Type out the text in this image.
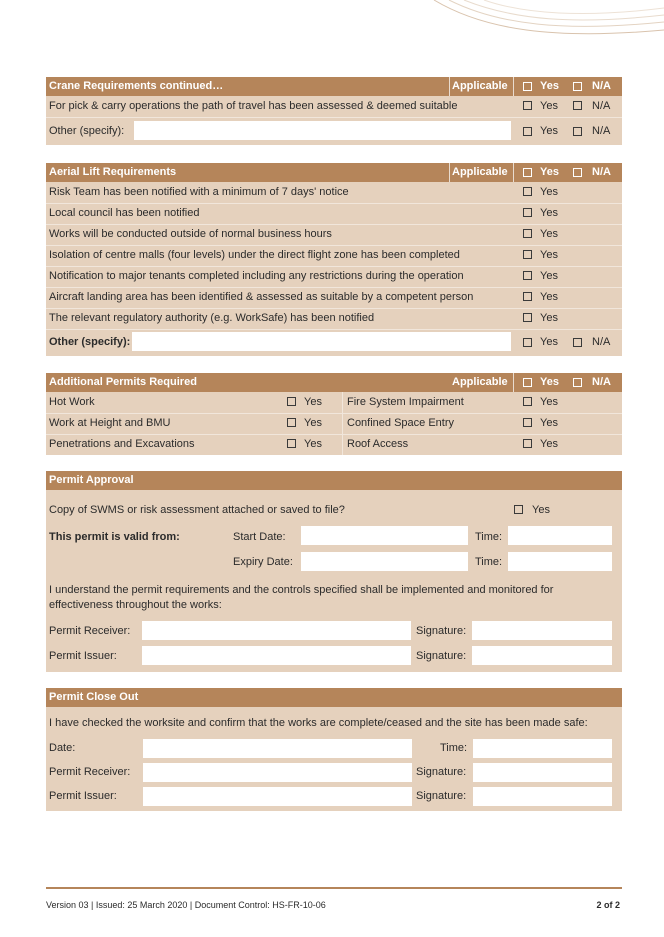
Crane Requirements continued…	Applicable	Yes	N/A
For pick & carry operations the path of travel has been assessed & deemed suitable	Yes	N/A
Other (specify):	Yes	N/A
Aerial Lift Requirements	Applicable	Yes	N/A
Risk Team has been notified with a minimum of 7 days' notice	Yes
Local council has been notified	Yes
Works will be conducted outside of normal business hours	Yes
Isolation of centre malls (four levels) under the direct flight zone has been completed	Yes
Notification to major tenants completed including any restrictions during the operation	Yes
Aircraft landing area has been identified & assessed as suitable by a competent person	Yes
The relevant regulatory authority (e.g. WorkSafe) has been notified	Yes
Other (specify):	Yes	N/A
Additional Permits Required	Applicable	Yes	N/A
Hot Work	Yes Fire System Impairment	Yes
Work at Height and BMU	Yes Confined Space Entry	Yes
Penetrations and Excavations	Yes Roof Access	Yes
Permit Approval
Copy of SWMS or risk assessment attached or saved to file?	Yes
This permit is valid from:	Start Date:	Time:
Expiry Date:	Time:
I understand the permit requirements and the controls specified shall be implemented and monitored for effectiveness throughout the works:
Permit Receiver:	Signature:
Permit Issuer:	Signature:
Permit Close Out
I have checked the worksite and confirm that the works are complete/ceased and the site has been made safe:
Date:	Time:
Permit Receiver:	Signature:
Permit Issuer:	Signature:
Version 03 | Issued: 25 March 2020 | Document Control: HS-FR-10-06	2 of 2
